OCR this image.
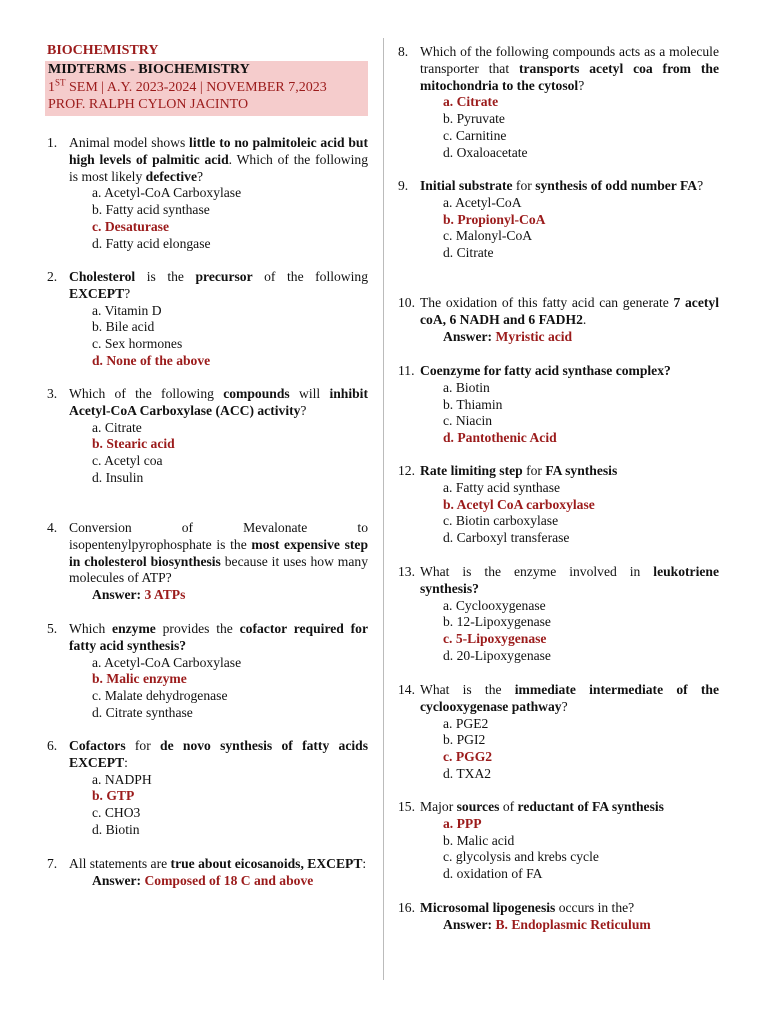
BIOCHEMISTRY
MIDTERMS - BIOCHEMISTRY
1ST SEM | A.Y. 2023-2024 | NOVEMBER 7,2023
PROF. RALPH CYLON JACINTO
1. Animal model shows little to no palmitoleic acid but high levels of palmitic acid. Which of the following is most likely defective?
a. Acetyl-CoA Carboxylase
b. Fatty acid synthase
c. Desaturase
d. Fatty acid elongase
2. Cholesterol is the precursor of the following EXCEPT?
a. Vitamin D
b. Bile acid
c. Sex hormones
d. None of the above
3. Which of the following compounds will inhibit Acetyl-CoA Carboxylase (ACC) activity?
a. Citrate
b. Stearic acid
c. Acetyl coa
d. Insulin
4. Conversion of Mevalonate to isopentenylpyrophosphate is the most expensive step in cholesterol biosynthesis because it uses how many molecules of ATP?
Answer: 3 ATPs
5. Which enzyme provides the cofactor required for fatty acid synthesis?
a. Acetyl-CoA Carboxylase
b. Malic enzyme
c. Malate dehydrogenase
d. Citrate synthase
6. Cofactors for de novo synthesis of fatty acids EXCEPT:
a. NADPH
b. GTP
c. CHO3
d. Biotin
7. All statements are true about eicosanoids, EXCEPT:
Answer: Composed of 18 C and above
8. Which of the following compounds acts as a molecule transporter that transports acetyl coa from the mitochondria to the cytosol?
a. Citrate
b. Pyruvate
c. Carnitine
d. Oxaloacetate
9. Initial substrate for synthesis of odd number FA?
a. Acetyl-CoA
b. Propionyl-CoA
c. Malonyl-CoA
d. Citrate
10. The oxidation of this fatty acid can generate 7 acetyl coA, 6 NADH and 6 FADH2.
Answer: Myristic acid
11. Coenzyme for fatty acid synthase complex?
a. Biotin
b. Thiamin
c. Niacin
d. Pantothenic Acid
12. Rate limiting step for FA synthesis
a. Fatty acid synthase
b. Acetyl CoA carboxylase
c. Biotin carboxylase
d. Carboxyl transferase
13. What is the enzyme involved in leukotriene synthesis?
a. Cyclooxygenase
b. 12-Lipoxygenase
c. 5-Lipoxygenase
d. 20-Lipoxygenase
14. What is the immediate intermediate of the cyclooxygenase pathway?
a. PGE2
b. PGI2
c. PGG2
d. TXA2
15. Major sources of reductant of FA synthesis
a. PPP
b. Malic acid
c. glycolysis and krebs cycle
d. oxidation of FA
16. Microsomal lipogenesis occurs in the?
Answer: B. Endoplasmic Reticulum
